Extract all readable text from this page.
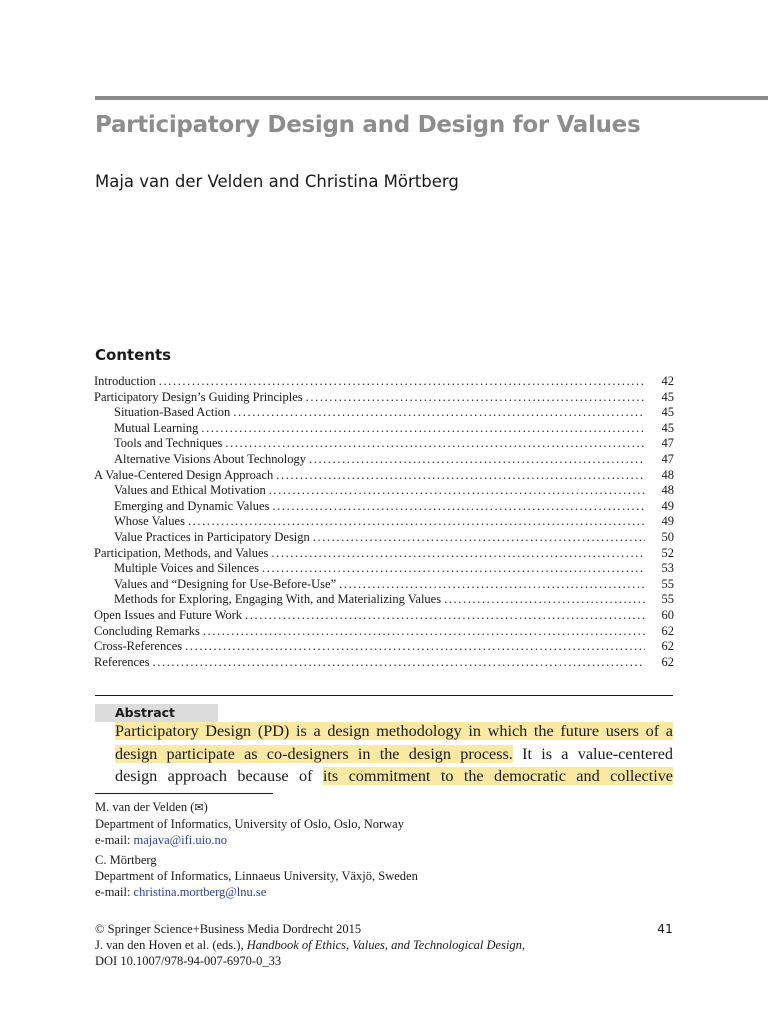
Participatory Design and Design for Values
Maja van der Velden and Christina Mörtberg
Contents
Introduction .....	42
Participatory Design’s Guiding Principles .....	45
Situation-Based Action .....	45
Mutual Learning .....	45
Tools and Techniques .....	47
Alternative Visions About Technology .....	47
A Value-Centered Design Approach .....	48
Values and Ethical Motivation .....	48
Emerging and Dynamic Values .....	49
Whose Values .....	49
Value Practices in Participatory Design .....	50
Participation, Methods, and Values .....	52
Multiple Voices and Silences .....	53
Values and “Designing for Use-Before-Use” .....	55
Methods for Exploring, Engaging With, and Materializing Values .....	55
Open Issues and Future Work .....	60
Concluding Remarks .....	62
Cross-References .....	62
References .....	62
Abstract
Participatory Design (PD) is a design methodology in which the future users of a
design participate as co-designers in the design process. It is a value-centered
design approach because of its commitment to the democratic and collective
M. van der Velden (✉)
Department of Informatics, University of Oslo, Oslo, Norway
e-mail: majava@ifi.uio.no
C. Mörtberg
Department of Informatics, Linnaeus University, Växjö, Sweden
e-mail: christina.mortberg@lnu.se
© Springer Science+Business Media Dordrecht 2015
J. van den Hoven et al. (eds.), Handbook of Ethics, Values, and Technological Design,
DOI 10.1007/978-94-007-6970-0_33
41
